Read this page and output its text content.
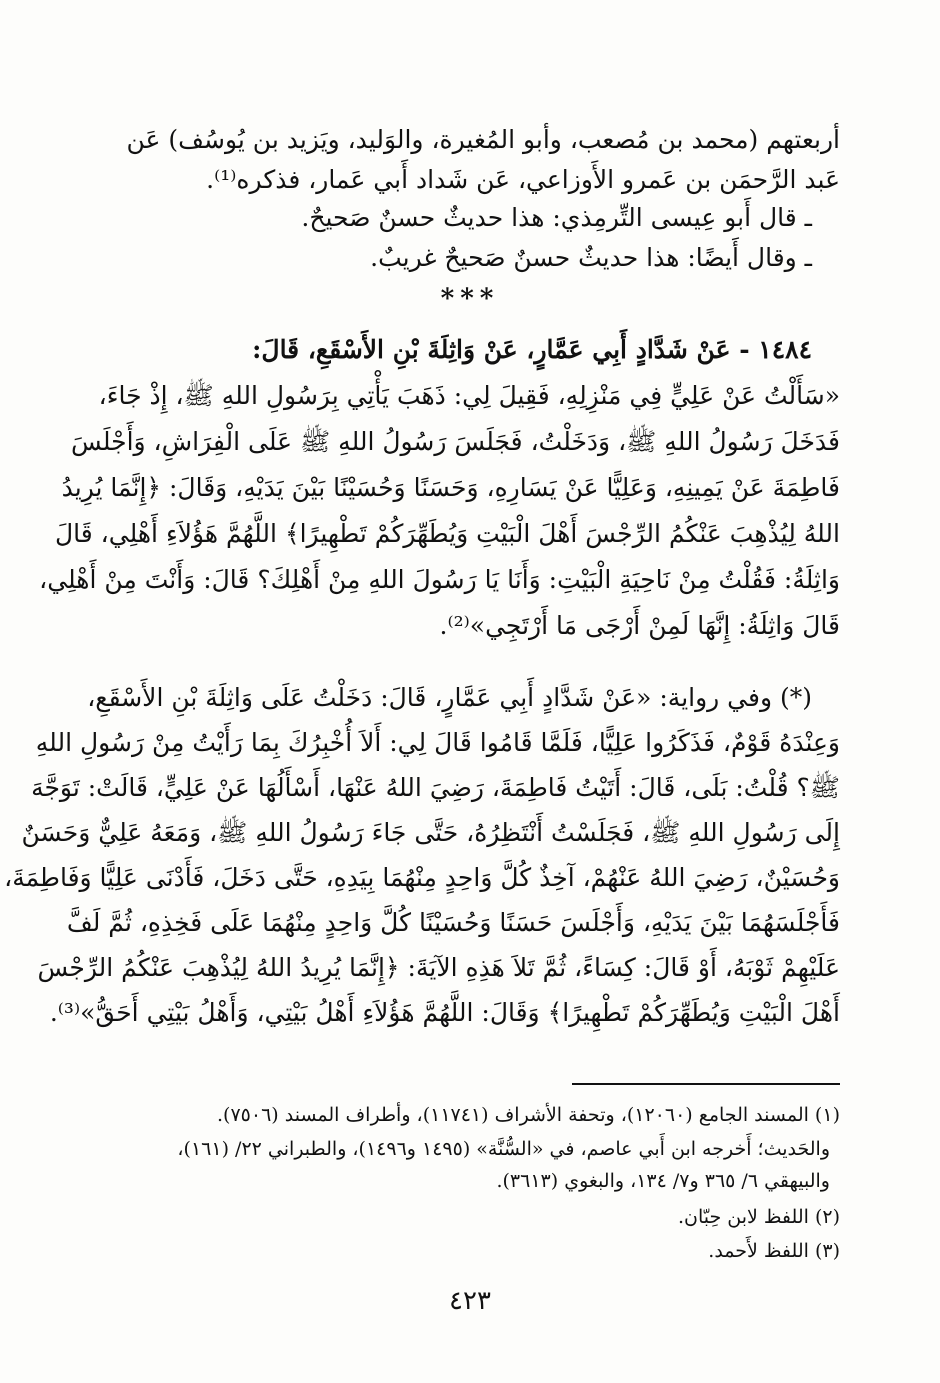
أربعتهم (محمد بن مُصعب، وأبو المُغيرة، والوَليد، ويَزيد بن يُوسُف) عَن
عَبد الرَّحمَن بن عَمرو الأَوزاعي، عَن شَداد أَبي عَمار، فذكره⁽¹⁾.
ـ قال أَبو عِيسى التِّرمِذي: هذا حديثٌ حسنٌ صَحيحٌ.
ـ وقال أَيضًا: هذا حديثٌ حسنٌ صَحيحٌ غريبٌ.
***
١٤٨٤ - عَنْ شَدَّادٍ أَبِي عَمَّارٍ، عَنْ وَاثِلَةَ بْنِ الأَسْقَعِ، قَالَ:
«سَأَلْتُ عَنْ عَلِيٍّ فِي مَنْزِلِهِ، فَقِيلَ لِي: ذَهَبَ يَأْتِي بِرَسُولِ اللهِ ﷺ، إِذْ جَاءَ،
فَدَخَلَ رَسُولُ اللهِ ﷺ، وَدَخَلْتُ، فَجَلَسَ رَسُولُ اللهِ ﷺ عَلَى الْفِرَاشِ، وَأَجْلَسَ
فَاطِمَةَ عَنْ يَمِينِهِ، وَعَلِيًّا عَنْ يَسَارِهِ، وَحَسَنًا وَحُسَيْنًا بَيْنَ يَدَيْهِ، وَقَالَ: ﴿إِنَّمَا يُرِيدُ
اللهُ لِيُذْهِبَ عَنْكُمُ الرِّجْسَ أَهْلَ الْبَيْتِ وَيُطَهِّرَكُمْ تَطْهِيرًا﴾ اللَّهُمَّ هَؤُلاَءِ أَهْلِي، قَالَ
وَاثِلَةُ: فَقُلْتُ مِنْ نَاحِيَةِ الْبَيْتِ: وَأَنَا يَا رَسُولَ اللهِ مِنْ أَهْلِكَ؟ قَالَ: وَأَنْتَ مِنْ أَهْلِي،
قَالَ وَاثِلَةُ: إِنَّهَا لَمِنْ أَرْجَى مَا أَرْتَجِي»⁽²⁾.
(*) وفي رواية: «عَنْ شَدَّادٍ أَبِي عَمَّارٍ، قَالَ: دَخَلْتُ عَلَى وَاثِلَةَ بْنِ الأَسْقَعِ،
وَعِنْدَهُ قَوْمٌ، فَذَكَرُوا عَلِيًّا، فَلَمَّا قَامُوا قَالَ لِي: أَلاَ أُخْبِرُكَ بِمَا رَأَيْتُ مِنْ رَسُولِ اللهِ
ﷺ؟ قُلْتُ: بَلَى، قَالَ: أَتَيْتُ فَاطِمَةَ، رَضِيَ اللهُ عَنْهَا، أَسْأَلُهَا عَنْ عَلِيٍّ، قَالَتْ: تَوَجَّهَ
إِلَى رَسُولِ اللهِ ﷺ، فَجَلَسْتُ أَنْتَظِرُهُ، حَتَّى جَاءَ رَسُولُ اللهِ ﷺ، وَمَعَهُ عَلِيٌّ وَحَسَنٌ
وَحُسَيْنٌ، رَضِيَ اللهُ عَنْهُمْ، آخِذٌ كُلَّ وَاحِدٍ مِنْهُمَا بِيَدِهِ، حَتَّى دَخَلَ، فَأَدْنَى عَلِيًّا وَفَاطِمَةَ،
فَأَجْلَسَهُمَا بَيْنَ يَدَيْهِ، وَأَجْلَسَ حَسَنًا وَحُسَيْنًا كُلَّ وَاحِدٍ مِنْهُمَا عَلَى فَخِذِهِ، ثُمَّ لَفَّ
عَلَيْهِمْ ثَوْبَهُ، أَوْ قَالَ: كِسَاءً، ثُمَّ تَلاَ هَذِهِ الآيَةَ: ﴿إِنَّمَا يُرِيدُ اللهُ لِيُذْهِبَ عَنْكُمُ الرِّجْسَ
أَهْلَ الْبَيْتِ وَيُطَهِّرَكُمْ تَطْهِيرًا﴾ وَقَالَ: اللَّهُمَّ هَؤُلاَءِ أَهْلُ بَيْتِي، وَأَهْلُ بَيْتِي أَحَقُّ»⁽³⁾.
(١) المسند الجامع (١٢٠٦٠)، وتحفة الأشراف (١١٧٤١)، وأطراف المسند (٧٥٠٦).
والحَديث؛ أَخرجه ابن أَبي عاصم، في «السُّنَّة» (١٤٩٥ و١٤٩٦)، والطبراني ٢٢/ (١٦١)،
والبيهقي ٦/ ٣٦٥ و٧/ ١٣٤، والبغوي (٣٦١٣).
(٢) اللفظ لابن حِبّان.
(٣) اللفظ لأَحمد.
٤٢٣
